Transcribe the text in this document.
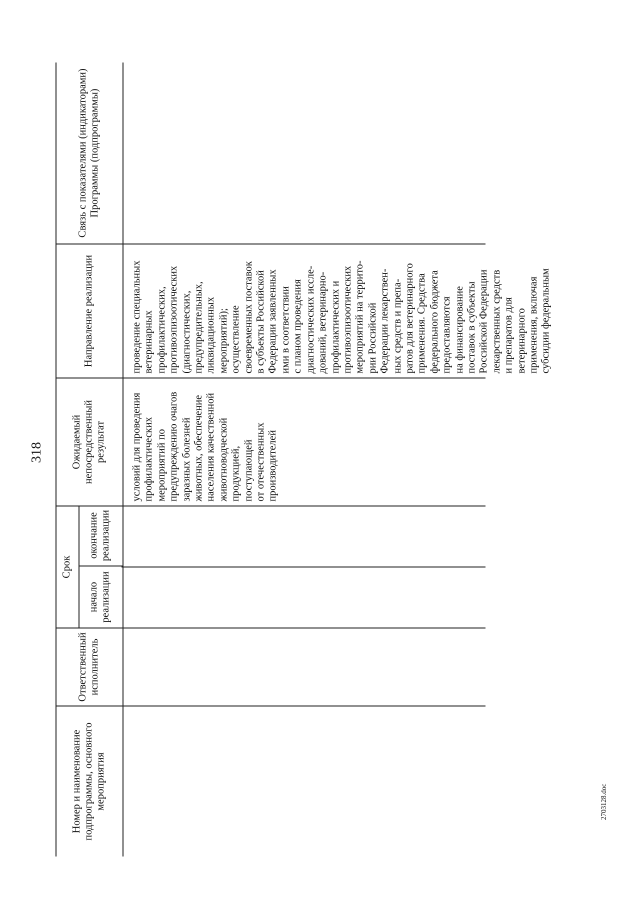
318
Номер и наименование подпрограммы, основного мероприятия
Ответственный исполнитель
Срок
начало реализации
окончание реализации
Ожидаемый непосредственный результат
Направление реализации
Связь с показателями (индикаторами) Программы (подпрограммы)
условий для проведения профилактических мероприятий по предупреждению очагов заразных болезней животных, обеспечение населения качественной животноводческой продукцией, поступающей от отечественных производителей
проведение специальных ветеринарных профилактических, противоэпизоотических (диагностических, предупредительных, ликвидационных мероприятий); осуществление своевременных поставок в субъекты Российской Федерации заявленных ими в соответствии с планом проведения диагностических иссле- дований, ветеринарно- профилактических и противоэпизоотических мероприятий на террито- рии Российской Федерации лекарствен- ных средств и препа- ратов для ветеринарного применения. Средства федерального бюджета предоставляются на финансирование поставок в субъекты Российской Федерации лекарственных средств и препаратов для ветеринарного применения, включая субсидии федеральным
2703128.doc
